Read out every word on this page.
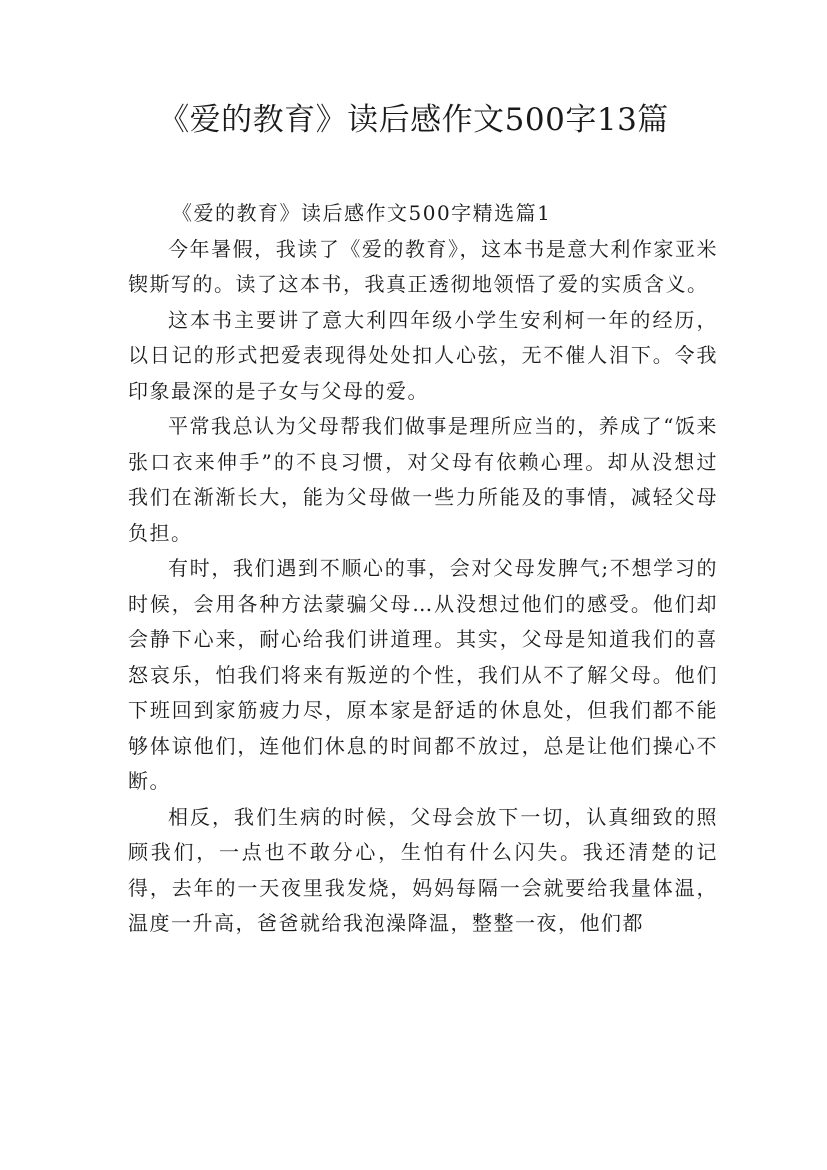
《爱的教育》读后感作文500字13篇
《爱的教育》读后感作文500字精选篇1

今年暑假，我读了《爱的教育》，这本书是意大利作家亚米锲斯写的。读了这本书，我真正透彻地领悟了爱的实质含义。

这本书主要讲了意大利四年级小学生安利柯一年的经历，以日记的形式把爱表现得处处扣人心弦，无不催人泪下。令我印象最深的是子女与父母的爱。

平常我总认为父母帮我们做事是理所应当的，养成了“饭来张口衣来伸手”的不良习惯，对父母有依赖心理。却从没想过我们在渐渐长大，能为父母做一些力所能及的事情，减轻父母负担。

有时，我们遇到不顺心的事，会对父母发脾气;不想学习的时候，会用各种方法蒙骗父母…从没想过他们的感受。他们却会静下心来，耐心给我们讲道理。其实，父母是知道我们的喜怒哀乐，怕我们将来有叛逆的个性，我们从不了解父母。他们下班回到家筋疲力尽，原本家是舒适的休息处，但我们都不能够体谅他们，连他们休息的时间都不放过，总是让他们操心不断。

相反，我们生病的时候，父母会放下一切，认真细致的照顾我们，一点也不敢分心，生怕有什么闪失。我还清楚的记得，去年的一天夜里我发烧，妈妈每隔一会就要给我量体温，温度一升高，爸爸就给我泡澡降温，整整一夜，他们都
